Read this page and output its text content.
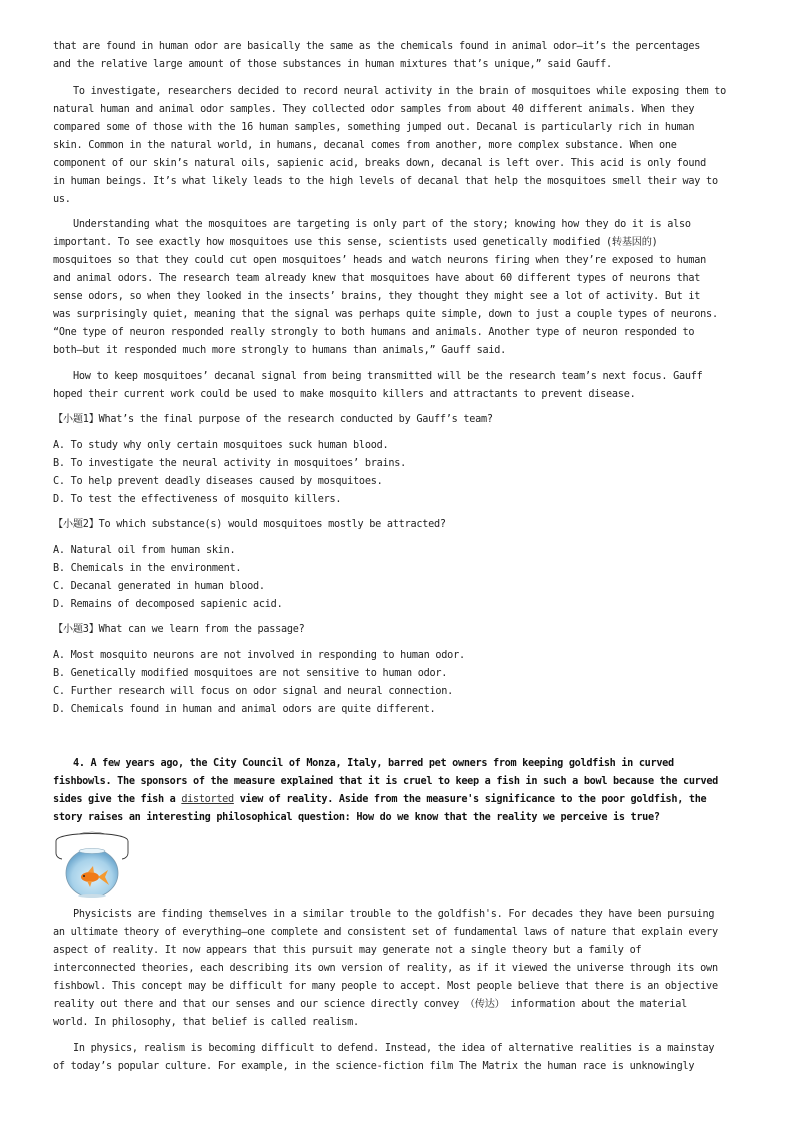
that are found in human odor are basically the same as the chemicals found in animal odor—it’s the percentages
and the relative large amount of those substances in human mixtures that’s unique,” said Gauff.
To investigate, researchers decided to record neural activity in the brain of mosquitoes while exposing them to
natural human and animal odor samples. They collected odor samples from about 40 different animals. When they
compared some of those with the 16 human samples, something jumped out. Decanal is particularly rich in human
skin. Common in the natural world, in humans, decanal comes from another, more complex substance. When one
component of our skin’s natural oils, sapienic acid, breaks down, decanal is left over. This acid is only found
in human beings. It’s what likely leads to the high levels of decanal that help the mosquitoes smell their way to
us.
Understanding what the mosquitoes are targeting is only part of the story; knowing how they do it is also
important. To see exactly how mosquitoes use this sense, scientists used genetically modified (转基因的)
mosquitoes so that they could cut open mosquitoes’ heads and watch neurons firing when they’re exposed to human
and animal odors. The research team already knew that mosquitoes have about 60 different types of neurons that
sense odors, so when they looked in the insects’ brains, they thought they might see a lot of activity. But it
was surprisingly quiet, meaning that the signal was perhaps quite simple, down to just a couple types of neurons.
“One type of neuron responded really strongly to both humans and animals. Another type of neuron responded to
both—but it responded much more strongly to humans than animals,” Gauff said.
How to keep mosquitoes’ decanal signal from being transmitted will be the research team’s next focus. Gauff
hoped their current work could be used to make mosquito killers and attractants to prevent disease.
【小题1】What’s the final purpose of the research conducted by Gauff’s team?
A. To study why only certain mosquitoes suck human blood.
B. To investigate the neural activity in mosquitoes’ brains.
C. To help prevent deadly diseases caused by mosquitoes.
D. To test the effectiveness of mosquito killers.
【小题2】To which substance(s) would mosquitoes mostly be attracted?
A. Natural oil from human skin.
B. Chemicals in the environment.
C. Decanal generated in human blood.
D. Remains of decomposed sapienic acid.
【小题3】What can we learn from the passage?
A. Most mosquito neurons are not involved in responding to human odor.
B. Genetically modified mosquitoes are not sensitive to human odor.
C. Further research will focus on odor signal and neural connection.
D. Chemicals found in human and animal odors are quite different.
4. A few years ago, the City Council of Monza, Italy, barred pet owners from keeping goldfish in curved
fishbowls. The sponsors of the measure explained that it is cruel to keep a fish in such a bowl because the curved
sides give the fish a distorted view of reality. Aside from the measure's significance to the poor goldfish, the
story raises an interesting philosophical question: How do we know that the reality we perceive is true?
Physicists are finding themselves in a similar trouble to the goldfish's. For decades they have been pursuing
an ultimate theory of everything—one complete and consistent set of fundamental laws of nature that explain every
aspect of reality. It now appears that this pursuit may generate not a single theory but a family of
interconnected theories, each describing its own version of reality, as if it viewed the universe through its own
fishbowl. This concept may be difficult for many people to accept. Most people believe that there is an objective
reality out there and that our senses and our science directly convey （传达） information about the material
world. In philosophy, that belief is called realism.
In physics, realism is becoming difficult to defend. Instead, the idea of alternative realities is a mainstay
of today’s popular culture. For example, in the science-fiction film The Matrix the human race is unknowingly
